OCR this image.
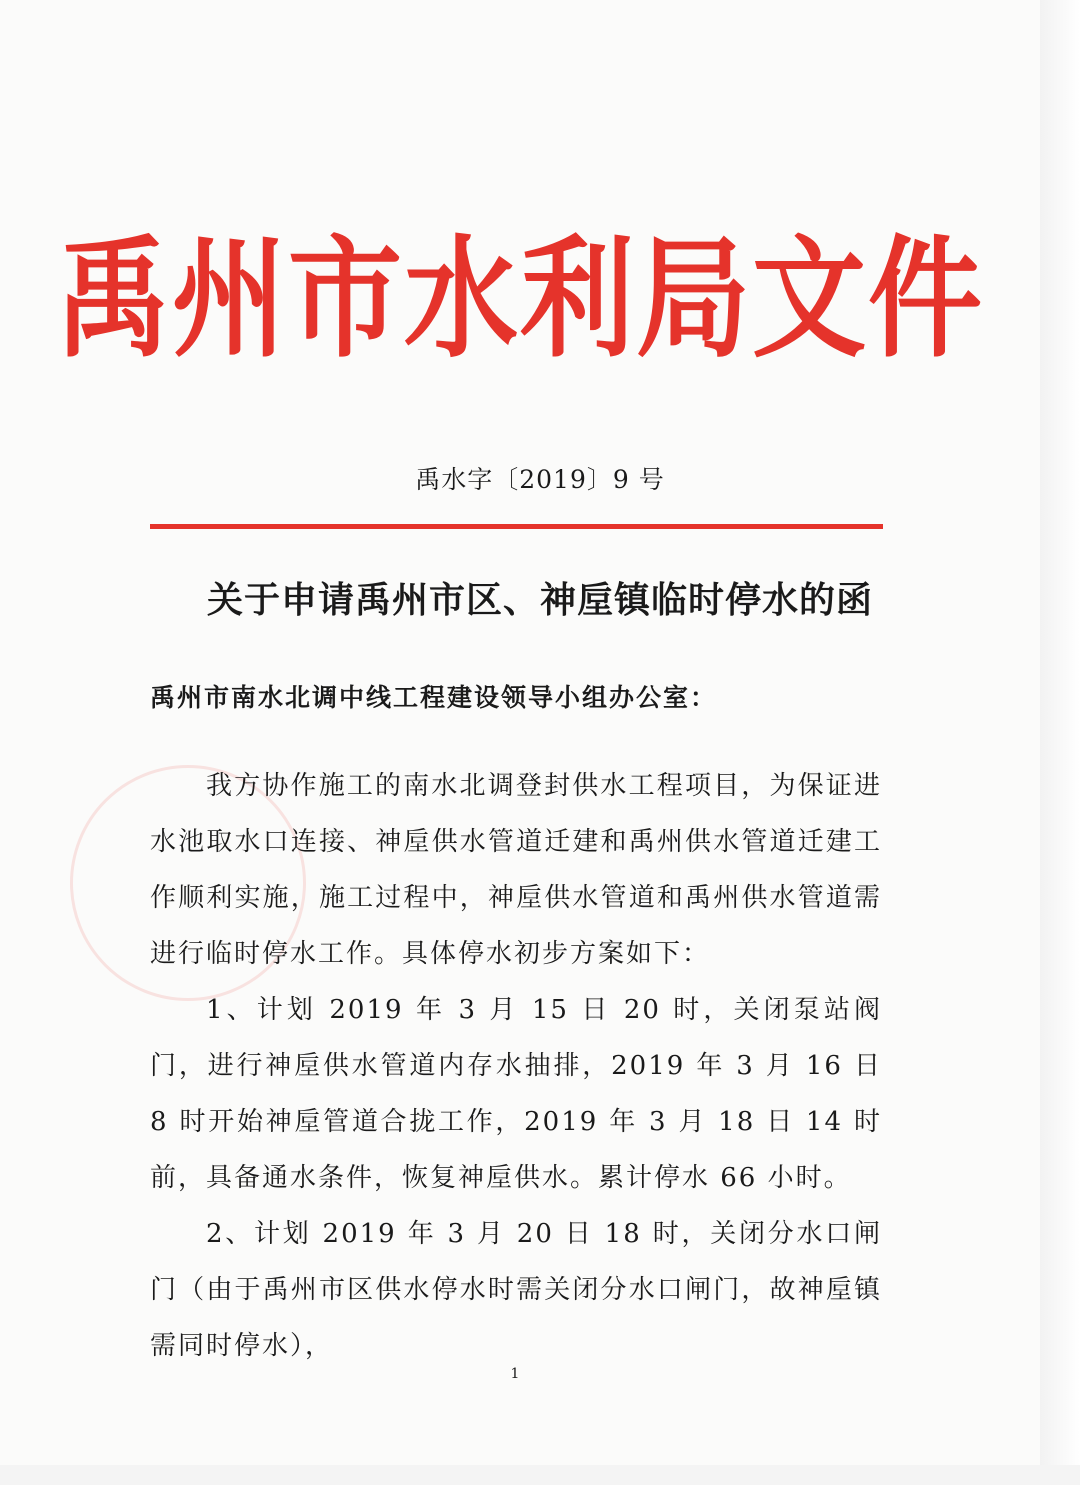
禹州市水利局文件
禹水字〔2019〕9 号
关于申请禹州市区、神垕镇临时停水的函
禹州市南水北调中线工程建设领导小组办公室：

我方协作施工的南水北调登封供水工程项目，为保证进水池取水口连接、神垕供水管道迁建和禹州供水管道迁建工作顺利实施，施工过程中，神垕供水管道和禹州供水管道需进行临时停水工作。具体停水初步方案如下：

1、计划 2019 年 3 月 15 日 20 时，关闭泵站阀门，进行神垕供水管道内存水抽排，2019 年 3 月 16 日 8 时开始神垕管道合拢工作，2019 年 3 月 18 日 14 时前，具备通水条件，恢复神垕供水。累计停水 66 小时。

2、计划 2019 年 3 月 20 日 18 时，关闭分水口闸门（由于禹州市区供水停水时需关闭分水口闸门，故神垕镇需同时停水），

1
